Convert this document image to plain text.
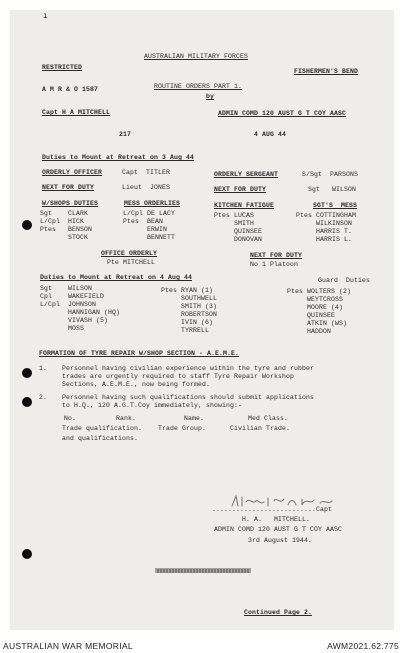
ı
AUSTRALIAN MILITARY FORCES
RESTRICTED
FISHERMEN'S BEND
A M R & O 1587	ROUTINE ORDERS PART 1.
by
Capt H A MITCHELL	ADMIN COMD 120 AUST G T COY AASC
217	4 AUG 44
Duties to Mount at Retreat on 3 Aug 44
ORDERLY OFFICER	Capt  TITLER	ORDERLY SERGEANT	S/Sgt  PARSONS
NEXT FOR DUTY	Lieut  JONES	NEXT FOR DUTY	Sgt   WILSON
W/SHOPS DUTIES
Sgt    CLARK
L/Cpl  HICK
Ptes   BENSON
STOCK
MESS ORDERLIES
L/Cpl DE LACY
Ptes  BEAN
ERWIN
BENNETT
KITCHEN FATIGUE
Ptes LUCAS
SMITH
QUINSEE
DONOVAN
SGT'S  MESS
Ptes COTTINGHAM
WILKINSON
HARRIS T.
HARRIS L.
OFFICE ORDERLY
Pte MITCHELL
NEXT FOR DUTY
No 1 Platoon
Duties to Mount at Retreat on 4 Aug 44	Guard  Duties
Sgt    WILSON
Cpl    WAKEFIELD
L/Cpl  JOHNSON
HANNIGAN (HQ)
VIVASH (5)
MOSS
Ptes RYAN (1)
SOUTHWELL
SMITH (3)
ROBERTSON
IVIN (6)
TYRRELL
Ptes WOLTERS (2)
WEYTCROSS
MOORE (4)
QUINSEE
ATKIN (WS)
HADDON
FORMATION OF TYRE REPAIR W/SHOP SECTION - A.E.M.E.
1. Personnel having civilian experience within the tyre and rubber
trades are urgently required to staff Tyre Repair Workshop
Sections, A.E.M.E., now being formed.
2. Personnel having such qualifications should submit applications
to H.Q., 120 A.G.T.Coy immediately, showing:-
No.          Rank.            Name.           Med Class.
Trade qualification.    Trade Group.      Civilian Trade.
and qualifications.
..........................Capt
H. A.   MITCHELL.
ADMIN COMD 120 AUST G T COY AASC
3rd August 1944.
Continued Page 2.
AUSTRALIAN WAR MEMORIAL	AWM2021.62.775
